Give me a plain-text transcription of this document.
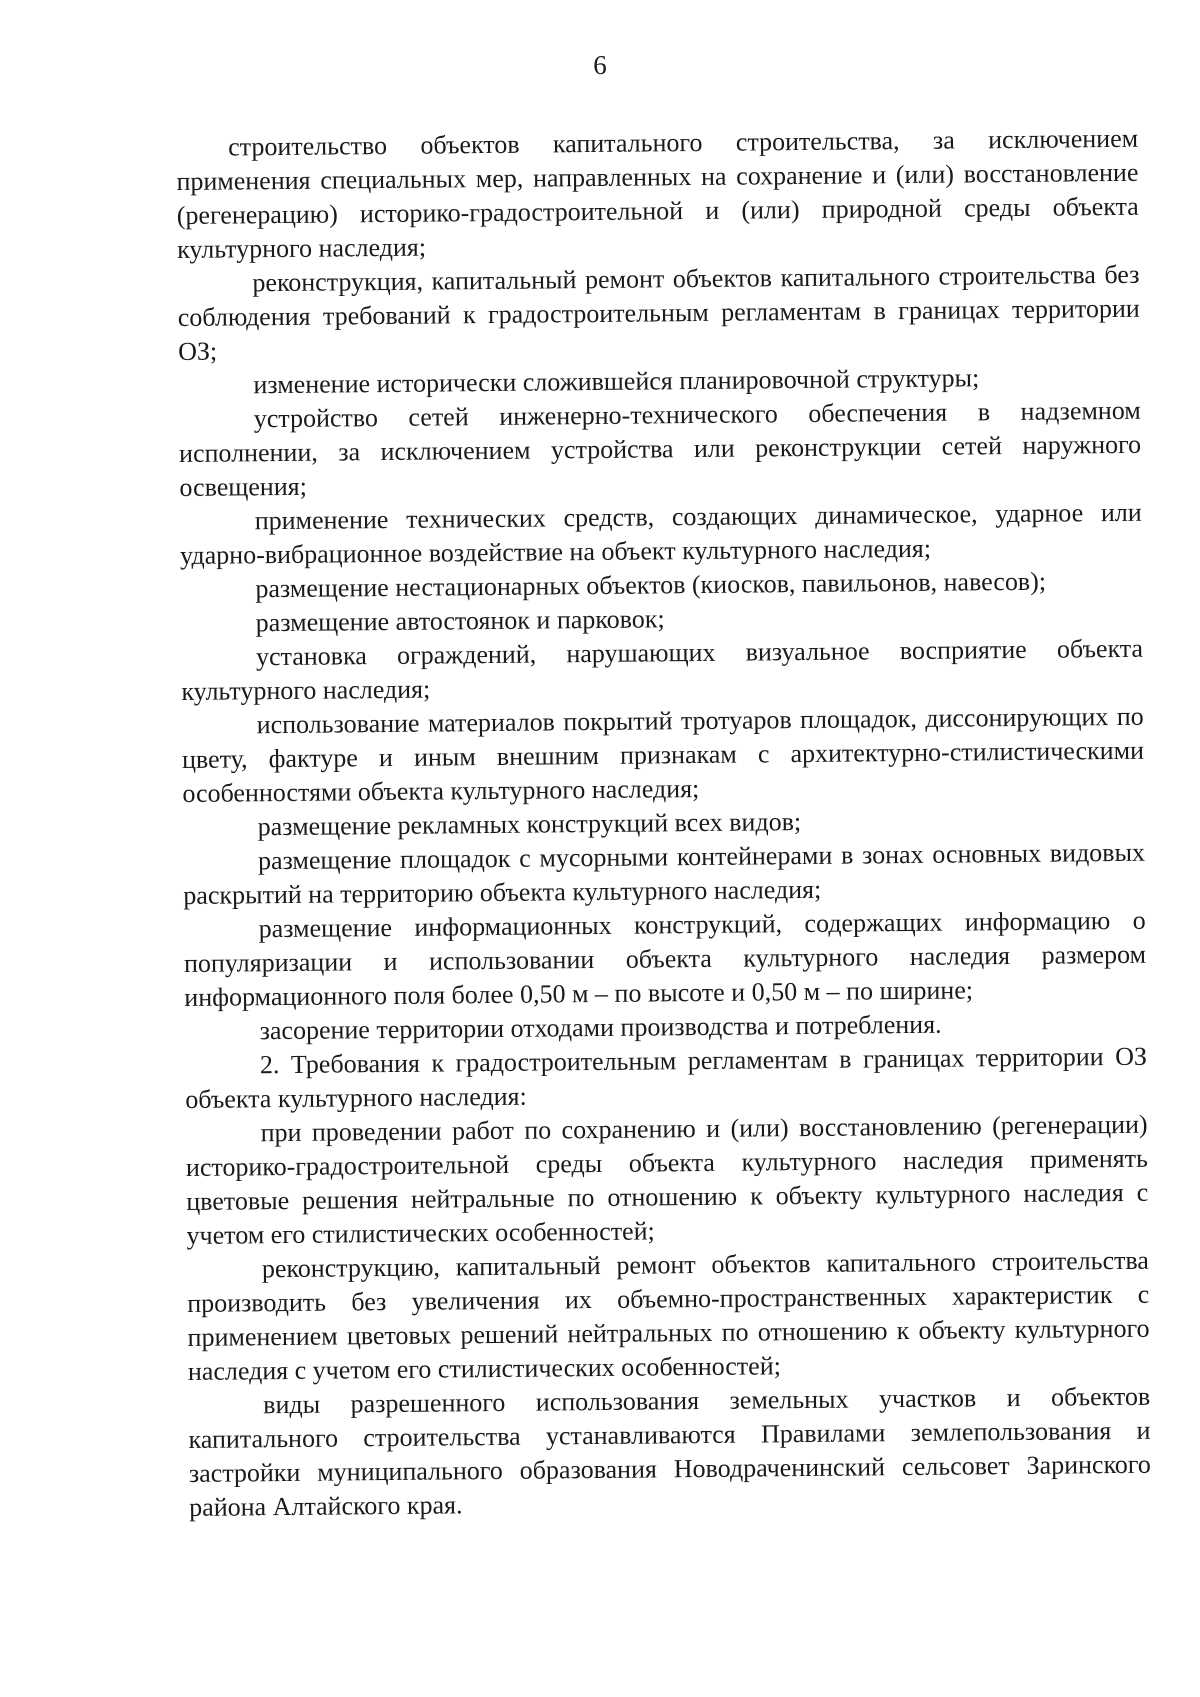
6

строительство объектов капитального строительства, за исключением применения специальных мер, направленных на сохранение и (или) восстановление (регенерацию) историко-градостроительной и (или) природной среды объекта культурного наследия;

реконструкция, капитальный ремонт объектов капитального строительства без соблюдения требований к градостроительным регламентам в границах территории ОЗ;

изменение исторически сложившейся планировочной структуры;

устройство сетей инженерно-технического обеспечения в надземном исполнении, за исключением устройства или реконструкции сетей наружного освещения;

применение технических средств, создающих динамическое, ударное или ударно-вибрационное воздействие на объект культурного наследия;

размещение нестационарных объектов (киосков, павильонов, навесов);

размещение автостоянок и парковок;

установка ограждений, нарушающих визуальное восприятие объекта культурного наследия;

использование материалов покрытий тротуаров площадок, диссонирующих по цвету, фактуре и иным внешним признакам с архитектурно-стилистическими особенностями объекта культурного наследия;

размещение рекламных конструкций всех видов;

размещение площадок с мусорными контейнерами в зонах основных видовых раскрытий на территорию объекта культурного наследия;

размещение информационных конструкций, содержащих информацию о популяризации и использовании объекта культурного наследия размером информационного поля более 0,50 м – по высоте и 0,50 м – по ширине;

засорение территории отходами производства и потребления.

2. Требования к градостроительным регламентам в границах территории ОЗ объекта культурного наследия:

при проведении работ по сохранению и (или) восстановлению (регенерации) историко-градостроительной среды объекта культурного наследия применять цветовые решения нейтральные по отношению к объекту культурного наследия с учетом его стилистических особенностей;

реконструкцию, капитальный ремонт объектов капитального строительства производить без увеличения их объемно-пространственных характеристик с применением цветовых решений нейтральных по отношению к объекту культурного наследия с учетом его стилистических особенностей;

виды разрешенного использования земельных участков и объектов капитального строительства устанавливаются Правилами землепользования и застройки муниципального образования Новодраченинский сельсовет Заринского района Алтайского края.
